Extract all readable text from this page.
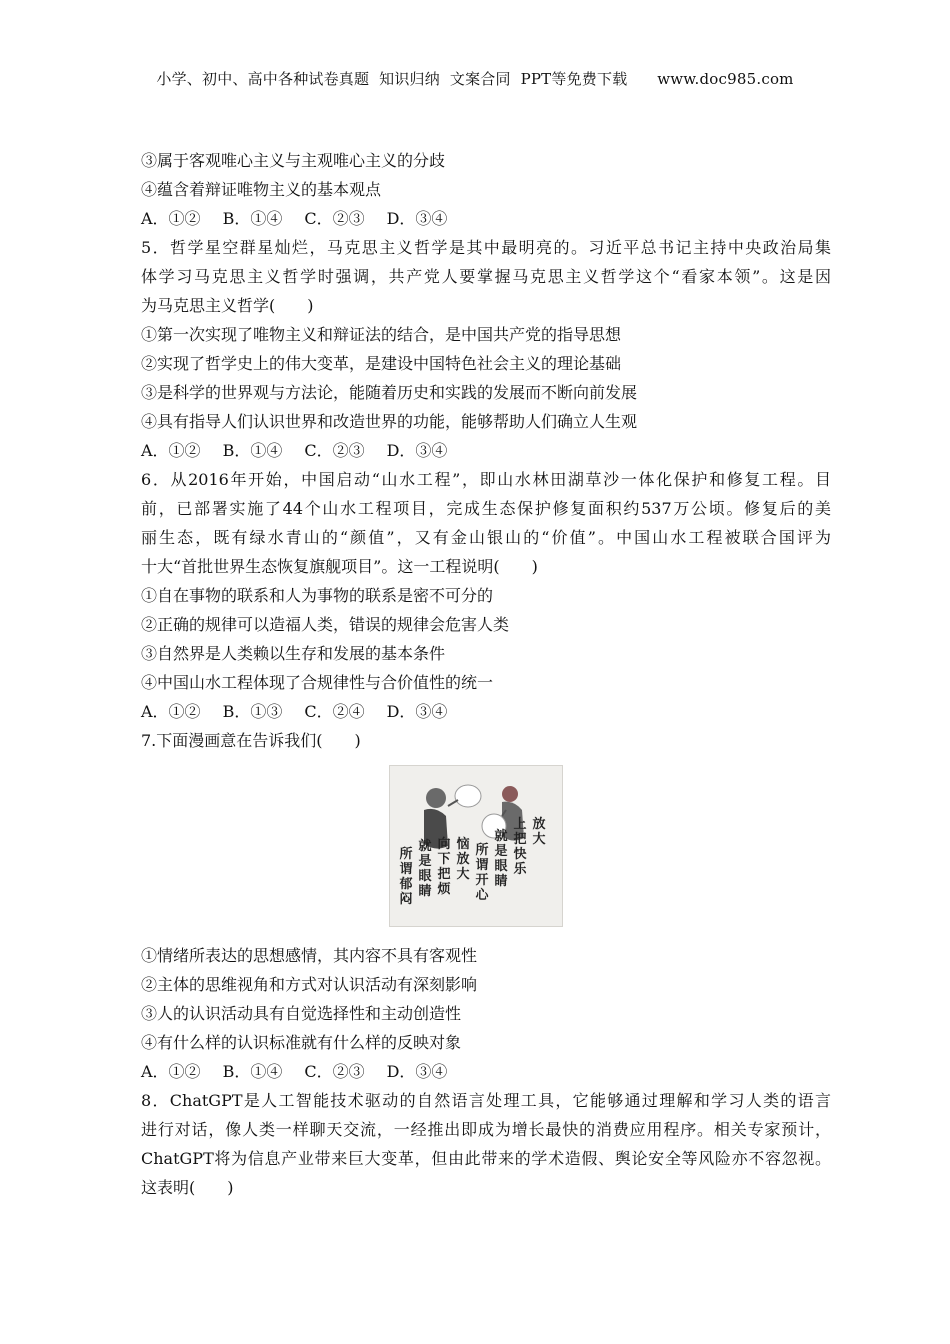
小学、初中、高中各种试卷真题  知识归纳  文案合同  PPT等免费下载      www.doc985.com
③属于客观唯心主义与主观唯心主义的分歧
④蕴含着辩证唯物主义的基本观点
A．①② B．①④ C．②③ D．③④
5．哲学星空群星灿烂，马克思主义哲学是其中最明亮的。习近平总书记主持中央政治局集
体学习马克思主义哲学时强调，共产党人要掌握马克思主义哲学这个“看家本领”。这是因
为马克思主义哲学(　　)
①第一次实现了唯物主义和辩证法的结合，是中国共产党的指导思想
②实现了哲学史上的伟大变革，是建设中国特色社会主义的理论基础
③是科学的世界观与方法论，能随着历史和实践的发展而不断向前发展
④具有指导人们认识世界和改造世界的功能，能够帮助人们确立人生观
A．①② B．①④ C．②③ D．③④
6．从2016年开始，中国启动“山水工程”，即山水林田湖草沙一体化保护和修复工程。目
前，已部署实施了44个山水工程项目，完成生态保护修复面积约537万公顷。修复后的美
丽生态，既有绿水青山的“颜值”，又有金山银山的“价值”。中国山水工程被联合国评为
十大“首批世界生态恢复旗舰项目”。这一工程说明(　　)
①自在事物的联系和人为事物的联系是密不可分的
②正确的规律可以造福人类，错误的规律会危害人类
③自然界是人类赖以生存和发展的基本条件
④中国山水工程体现了合规律性与合价值性的统一
A．①② B．①③ C．②④ D．③④
7.下面漫画意在告诉我们(　　)
所谓郁闷
就是眼睛
向下把烦
恼放大
所谓开心
就是眼睛
上把快乐
放大
①情绪所表达的思想感情，其内容不具有客观性
②主体的思维视角和方式对认识活动有深刻影响
③人的认识活动具有自觉选择性和主动创造性
④有什么样的认识标准就有什么样的反映对象
A．①② B．①④ C．②③ D．③④
8．ChatGPT是人工智能技术驱动的自然语言处理工具，它能够通过理解和学习人类的语言
进行对话，像人类一样聊天交流，一经推出即成为增长最快的消费应用程序。相关专家预计，
ChatGPT将为信息产业带来巨大变革，但由此带来的学术造假、舆论安全等风险亦不容忽视。
这表明(　　)
